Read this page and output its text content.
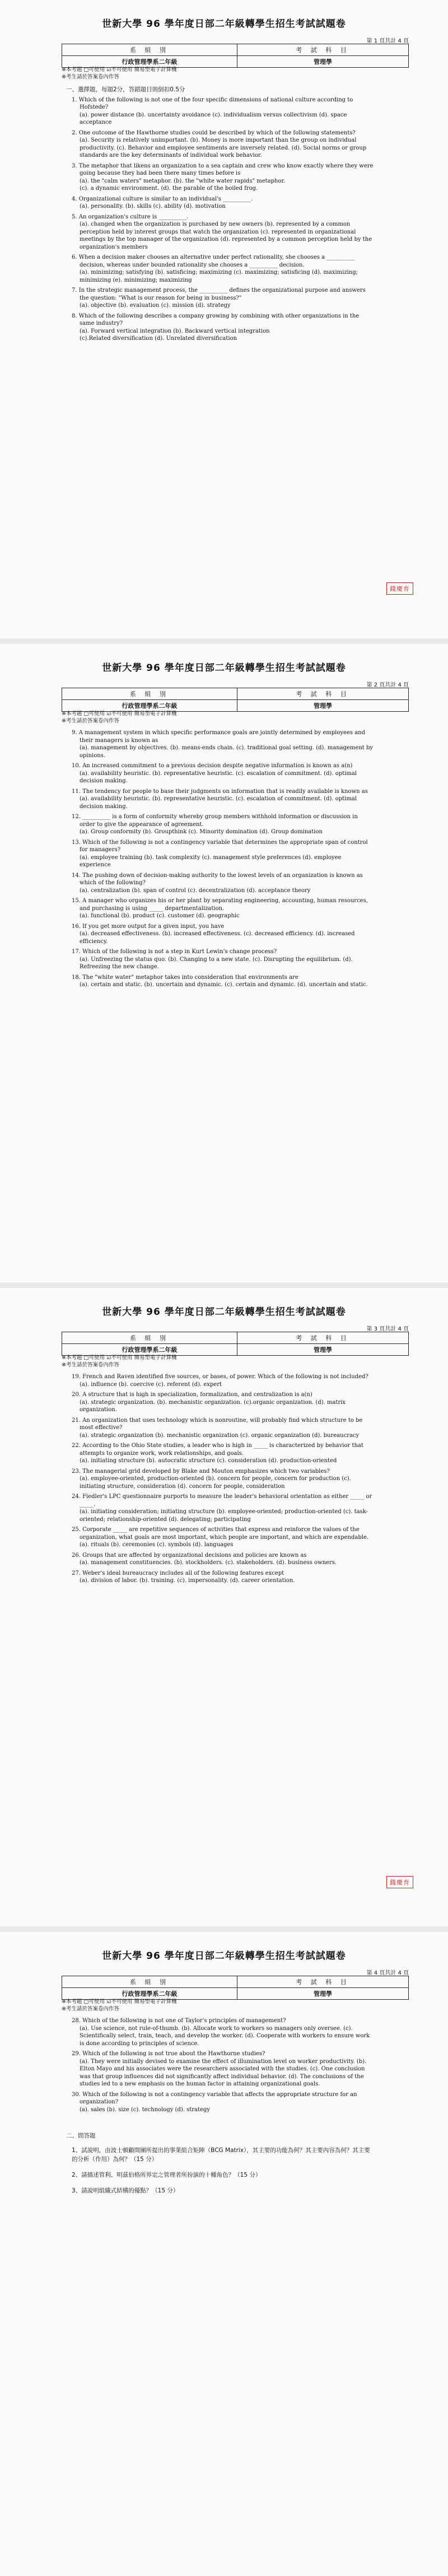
世新大學 96 學年度日部二年級轉學生招生考試試題卷
第 1 頁共計 4 頁
系 組 別	考 試 科 目
行政管理學系二年級	管理學
※本考題 □可使用 ☑不可使用 簡易型電子計算機
※考生請於答案卷內作答
一、選擇題，每題2分，答錯題目則倒扣0.5分
1. Which of the following is not one of the four specific dimensions of national culture according to Hofstede?
(a). power distance (b). uncertainty avoidance (c). individualism versus collectivism (d). space acceptance
2. One outcome of the Hawthorne studies could be described by which of the following statements?
(a). Security is relatively unimportant. (b). Money is more important than the group on individual productivity. (c). Behavior and employee sentiments are inversely related. (d). Social norms or group standards are the key determinants of individual work behavior.
3. The metaphor that likens an organization to a sea captain and crew who know exactly where they were going because they had been there many times before is
(a). the "calm waters" metaphor. (b). the "white water rapids" metaphor.
(c). a dynamic environment. (d). the parable of the boiled frog.
4. Organizational culture is similar to an individual's __________.
(a). personality. (b). skills (c). ability (d). motivation
5. An organization's culture is __________.
(a). changed when the organization is purchased by new owners (b). represented by a common perception held by interest groups that watch the organization (c). represented in organizational meetings by the top manager of the organization (d). represented by a common perception held by the organization's members
6. When a decision maker chooses an alternative under perfect rationality, she chooses a __________ decision, whereas under bounded rationality she chooses a __________ decision.
(a). minimizing; satisfying (b). satisficing; maximizing (c). maximizing; satisficing (d). maximizing; minimizing (e). minimizing; maximizing
7. In the strategic management process, the __________ defines the organizational purpose and answers the question: "What is our reason for being in business?"
(a). objective (b). evaluation (c). mission (d). strategy
8. Which of the following describes a company growing by combining with other organizations in the same industry?
(a). Forward vertical integration (b). Backward vertical integration
(c).Related diversification (d). Unrelated diversification
錢慶育
世新大學 96 學年度日部二年級轉學生招生考試試題卷
第 2 頁共計 4 頁
系 組 別	考 試 科 目
行政管理學系二年級	管理學
※本考題 □可使用 ☑不可使用 簡易型電子計算機
※考生請於答案卷內作答
9. A management system in which specific performance goals are jointly determined by employees and their managers is known as
(a). management by objectives. (b). means-ends chain. (c). traditional goal setting. (d). management by opinions.
10. An increased commitment to a previous decision despite negative information is known as a(n)
(a). availability heuristic. (b). representative heuristic. (c). escalation of commitment. (d). optimal decision making.
11. The tendency for people to base their judgments on information that is readily available is known as
(a). availability heuristic. (b). representative heuristic. (c). escalation of commitment. (d). optimal decision making.
12. __________ is a form of conformity whereby group members withhold information or discussion in order to give the appearance of agreement.
(a). Group conformity (b). Groupthink (c). Minority domination (d). Group domination
13. Which of the following is not a contingency variable that determines the appropriate span of control for managers?
(a). employee training (b). task complexity (c). management style preferences (d). employee experience
14. The pushing down of decision-making authority to the lowest levels of an organization is known as which of the following?
(a). centralization (b). span of control (c). decentralization (d). acceptance theory
15. A manager who organizes his or her plant by separating engineering, accounting, human resources, and purchasing is using _____ departmentalization.
(a). functional (b). product (c). customer (d). geographic
16. If you get more output for a given input, you have
(a). decreased effectiveness. (b). increased effectiveness. (c). decreased efficiency. (d). increased efficiency.
17. Which of the following is not a step in Kurt Lewin's change process?
(a). Unfreezing the status quo. (b). Changing to a new state. (c). Disrupting the equilibrium. (d). Refreezing the new change.
18. The "white water" metaphor takes into consideration that environments are
(a). certain and static. (b). uncertain and dynamic. (c). certain and dynamic. (d). uncertain and static.
世新大學 96 學年度日部二年級轉學生招生考試試題卷
第 3 頁共計 4 頁
系 組 別	考 試 科 目
行政管理學系二年級	管理學
※本考題 □可使用 ☑不可使用 簡易型電子計算機
※考生請於答案卷內作答
19. French and Raven identified five sources, or bases, of power. Which of the following is not included?
(a). influence (b). coercive (c). referent (d). expert
20. A structure that is high in specialization, formalization, and centralization is a(n)
(a). strategic organization. (b). mechanistic organization. (c).organic organization. (d). matrix organization.
21. An organization that uses technology which is nonroutine, will probably find which structure to be most effective?
(a). strategic organization (b). mechanistic organization (c). organic organization (d). bureaucracy
22. According to the Ohio State studies, a leader who is high in _____ is characterized by behavior that attempts to organize work, work relationships, and goals.
(a). initiating structure (b). autocratic structure (c). consideration (d). production-oriented
23. The managerial grid developed by Blake and Mouton emphasizes which two variables?
(a). employee-oriented, production-oriented (b). concern for people, concern for production (c). initiating structure, consideration (d). concern for people, consideration
24. Fiedler's LPC questionnaire purports to measure the leader's behavioral orientation as either _____ or _____.
(a). initiating consideration; initiating structure (b). employee-oriented; production-oriented (c). task-oriented; relationship-oriented (d). delegating; participating
25. Corporate _____ are repetitive sequences of activities that express and reinforce the values of the organization, what goals are most important, which people are important, and which are expendable.
(a). rituals (b). ceremonies (c). symbols (d). languages
26. Groups that are affected by organizational decisions and policies are known as
(a). management constituencies. (b). stockholders. (c). stakeholders. (d). business owners.
27. Weber's ideal bureaucracy includes all of the following features except
(a). division of labor. (b). training. (c). impersonality. (d). career orientation.
錢慶育
世新大學 96 學年度日部二年級轉學生招生考試試題卷
第 4 頁共計 4 頁
系 組 別	考 試 科 目
行政管理學系二年級	管理學
※本考題 □可使用 ☑不可使用 簡易型電子計算機
※考生請於答案卷內作答
28. Which of the following is not one of Taylor's principles of management?
(a). Use science, not rule-of-thumb. (b). Allocate work to workers so managers only oversee. (c). Scientifically select, train, teach, and develop the worker. (d). Cooperate with workers to ensure work is done according to principles of science.
29. Which of the following is not true about the Hawthorne studies?
(a). They were initially devised to examine the effect of illumination level on worker productivity. (b). Elton Mayo and his associates were the researchers associated with the studies. (c). One conclusion was that group influences did not significantly affect individual behavior. (d). The conclusions of the studies led to a new emphasis on the human factor in attaining organizational goals.
30. Which of the following is not a contingency variable that affects the appropriate structure for an organization?
(a). sales (b). size (c). technology (d). strategy
二、問答題
1、試說明，由波士頓顧問團所提出的事業組合矩陣（BCG Matrix），其主要的功能為何？其主要內容為何？其主要的分析（作用）為何？（15 分）
2、請描述管利、明茲伯格所界定之管理者所扮演的十種角色？（15 分）
3、請說明組織式結構的優點？（15 分）
